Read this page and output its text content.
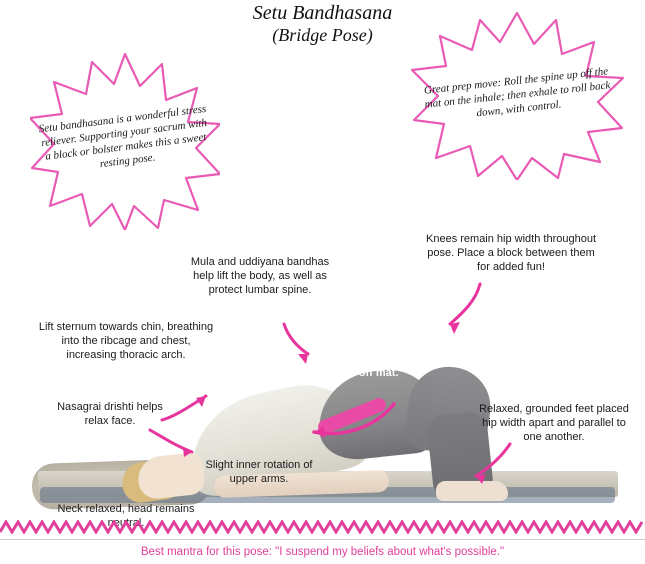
Setu Bandhasana
(Bridge Pose)
Setu bandhasana is a wonderful stress reliever. Supporting your sacrum with a block or bolster makes this a sweet resting pose.
Great prep move: Roll the spine up off the mat on the inhale; then exhale to roll back down, with control.
Knees remain hip width throughout pose. Place a block between them for added fun!
Mula and uddiyana bandhas help lift the body, as well as protect lumbar spine.
Lift sternum towards chin, breathing into the ribcage and chest, increasing thoracic arch.
Nasagrai drishti helps relax face.
Lengthen tailbone away as you lift the pelvis and spine off mat.
Relaxed, grounded feet placed hip width apart and parallel to one another.
Slight inner rotation of upper arms.
Neck relaxed, head remains neutral.
Best mantra for this pose: "I suspend my beliefs about what's possible."
